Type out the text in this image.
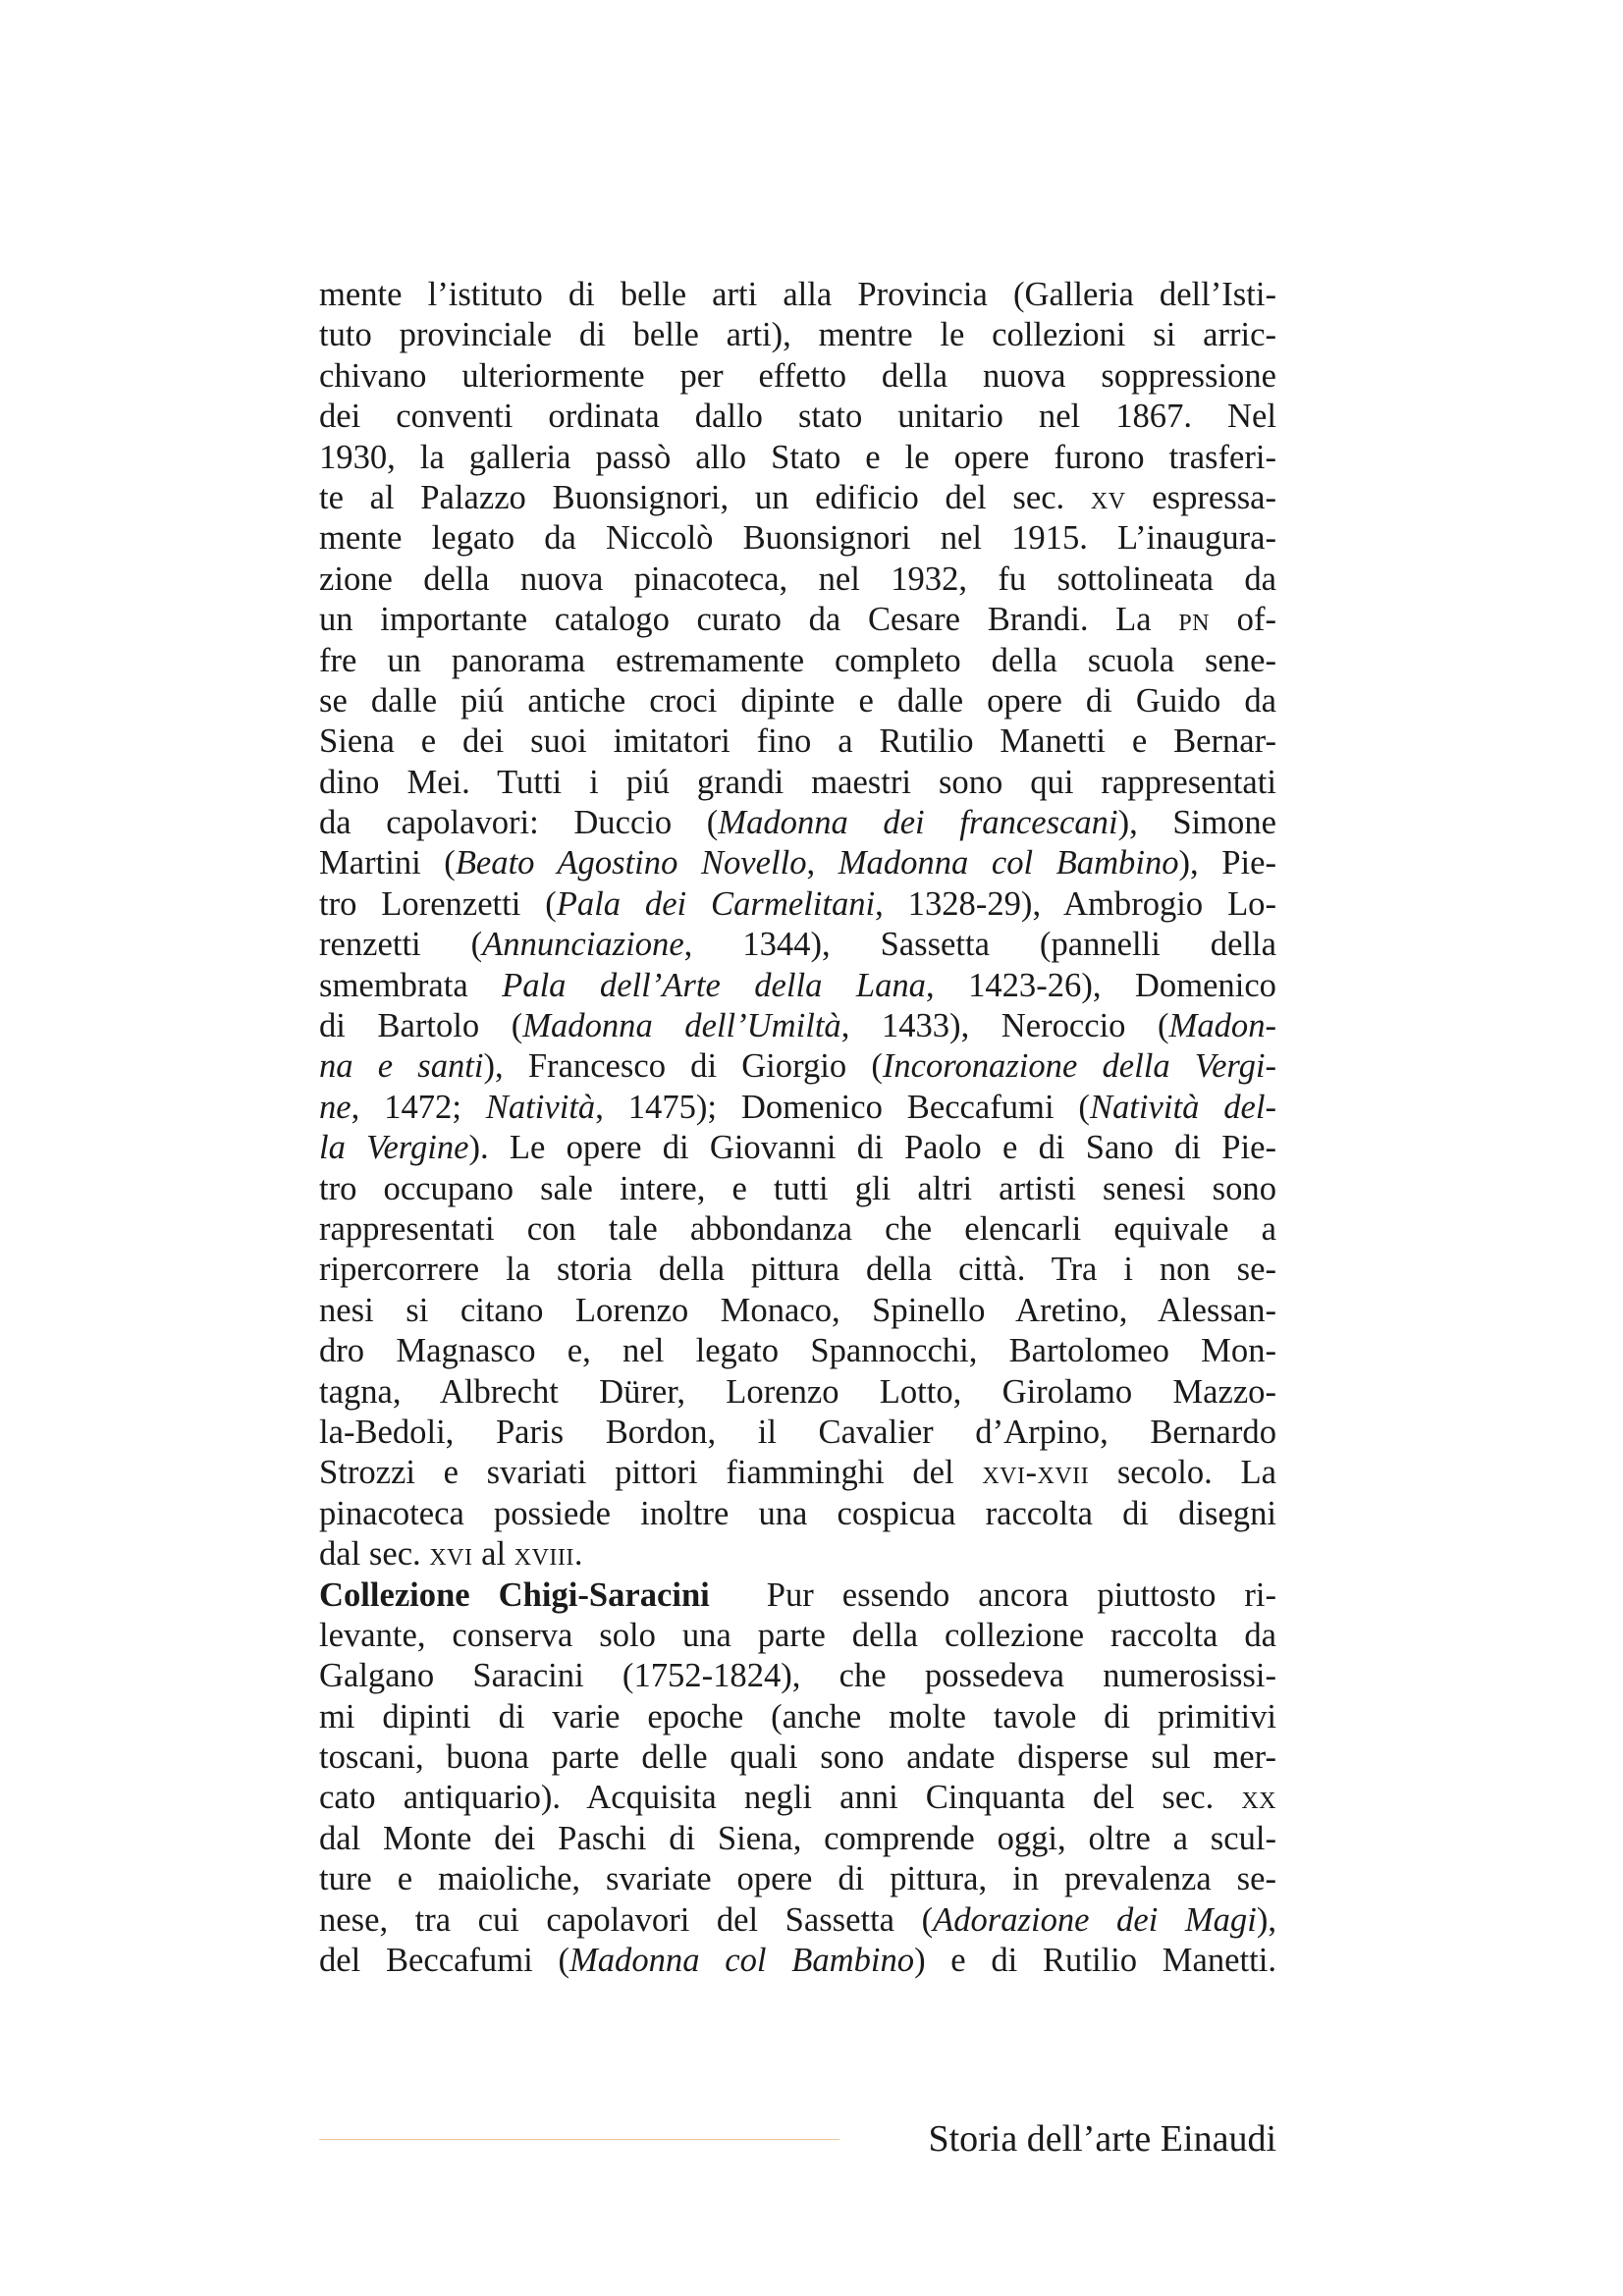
mente l’istituto di belle arti alla Provincia (Galleria dell’Isti-
tuto provinciale di belle arti), mentre le collezioni si arric-
chivano ulteriormente per effetto della nuova soppressione
dei conventi ordinata dallo stato unitario nel 1867. Nel
1930, la galleria passò allo Stato e le opere furono trasferi-
te al Palazzo Buonsignori, un edificio del sec. xv espressa-
mente legato da Niccolò Buonsignori nel 1915. L’inaugura-
zione della nuova pinacoteca, nel 1932, fu sottolineata da
un importante catalogo curato da Cesare Brandi. La pn of-
fre un panorama estremamente completo della scuola sene-
se dalle piú antiche croci dipinte e dalle opere di Guido da
Siena e dei suoi imitatori fino a Rutilio Manetti e Bernar-
dino Mei. Tutti i piú grandi maestri sono qui rappresentati
da capolavori: Duccio (Madonna dei francescani), Simone
Martini (Beato Agostino Novello, Madonna col Bambino), Pie-
tro Lorenzetti (Pala dei Carmelitani, 1328-29), Ambrogio Lo-
renzetti (Annunciazione, 1344), Sassetta (pannelli della
smembrata Pala dell’Arte della Lana, 1423-26), Domenico
di Bartolo (Madonna dell’Umiltà, 1433), Neroccio (Madon-
na e santi), Francesco di Giorgio (Incoronazione della Vergi-
ne, 1472; Natività, 1475); Domenico Beccafumi (Natività del-
la Vergine). Le opere di Giovanni di Paolo e di Sano di Pie-
tro occupano sale intere, e tutti gli altri artisti senesi sono
rappresentati con tale abbondanza che elencarli equivale a
ripercorrere la storia della pittura della città. Tra i non se-
nesi si citano Lorenzo Monaco, Spinello Aretino, Alessan-
dro Magnasco e, nel legato Spannocchi, Bartolomeo Mon-
tagna, Albrecht Dürer, Lorenzo Lotto, Girolamo Mazzo-
la-Bedoli, Paris Bordon, il Cavalier d’Arpino, Bernardo
Strozzi e svariati pittori fiamminghi del xvi-xvii secolo. La
pinacoteca possiede inoltre una cospicua raccolta di disegni
dal sec. xvi al xviii.
Collezione Chigi-Saracini  Pur essendo ancora piuttosto ri-
levante, conserva solo una parte della collezione raccolta da
Galgano Saracini (1752-1824), che possedeva numerosissi-
mi dipinti di varie epoche (anche molte tavole di primitivi
toscani, buona parte delle quali sono andate disperse sul mer-
cato antiquario). Acquisita negli anni Cinquanta del sec. xx
dal Monte dei Paschi di Siena, comprende oggi, oltre a scul-
ture e maioliche, svariate opere di pittura, in prevalenza se-
nese, tra cui capolavori del Sassetta (Adorazione dei Magi),
del Beccafumi (Madonna col Bambino) e di Rutilio Manetti.
Storia dell’arte Einaudi
